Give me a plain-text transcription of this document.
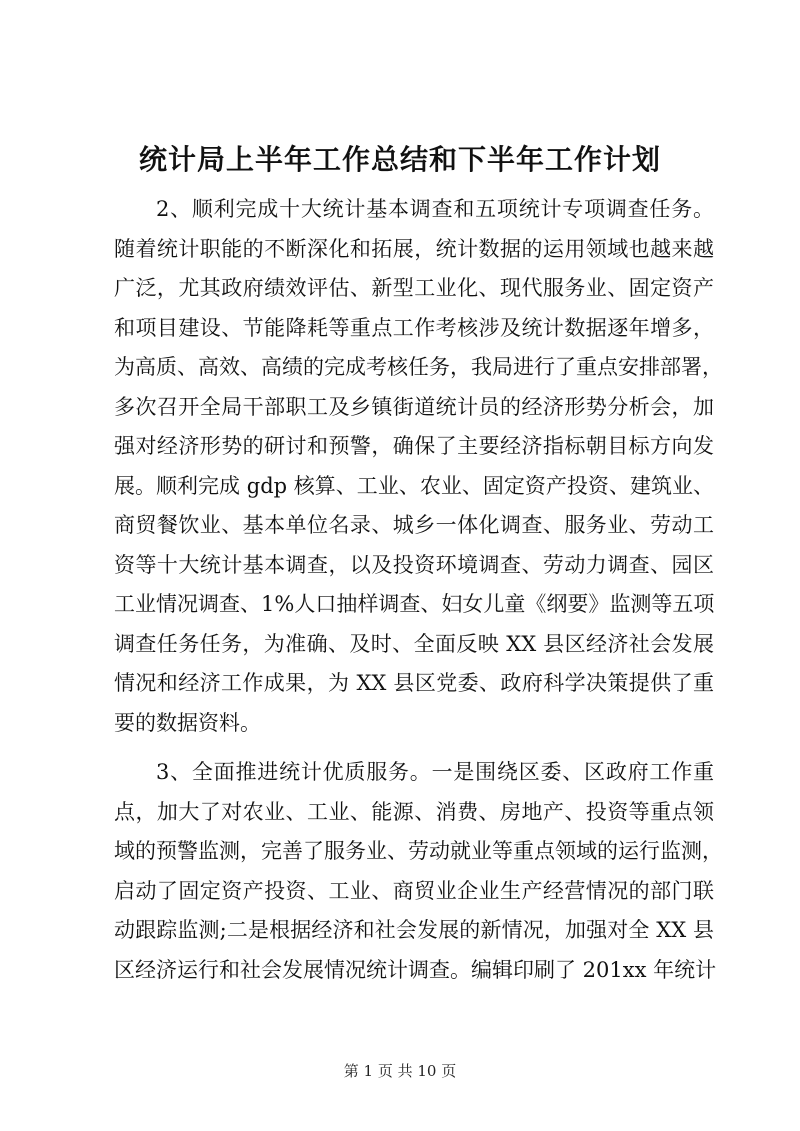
统计局上半年工作总结和下半年工作计划
2、顺利完成十大统计基本调查和五项统计专项调查任务。
随着统计职能的不断深化和拓展，统计数据的运用领域也越来越
广泛，尤其政府绩效评估、新型工业化、现代服务业、固定资产
和项目建设、节能降耗等重点工作考核涉及统计数据逐年增多，
为高质、高效、高绩的完成考核任务，我局进行了重点安排部署，
多次召开全局干部职工及乡镇街道统计员的经济形势分析会，加
强对经济形势的研讨和预警，确保了主要经济指标朝目标方向发
展。顺利完成 gdp 核算、工业、农业、固定资产投资、建筑业、
商贸餐饮业、基本单位名录、城乡一体化调查、服务业、劳动工
资等十大统计基本调查，以及投资环境调查、劳动力调查、园区
工业情况调查、1%人口抽样调查、妇女儿童《纲要》监测等五项
调查任务任务，为准确、及时、全面反映 XX 县区经济社会发展
情况和经济工作成果，为 XX 县区党委、政府科学决策提供了重
要的数据资料。
3、全面推进统计优质服务。一是围绕区委、区政府工作重
点，加大了对农业、工业、能源、消费、房地产、投资等重点领
域的预警监测，完善了服务业、劳动就业等重点领域的运行监测，
启动了固定资产投资、工业、商贸业企业生产经营情况的部门联
动跟踪监测;二是根据经济和社会发展的新情况，加强对全 XX 县
区经济运行和社会发展情况统计调查。编辑印刷了 201xx 年统计
第 1 页 共 10 页
